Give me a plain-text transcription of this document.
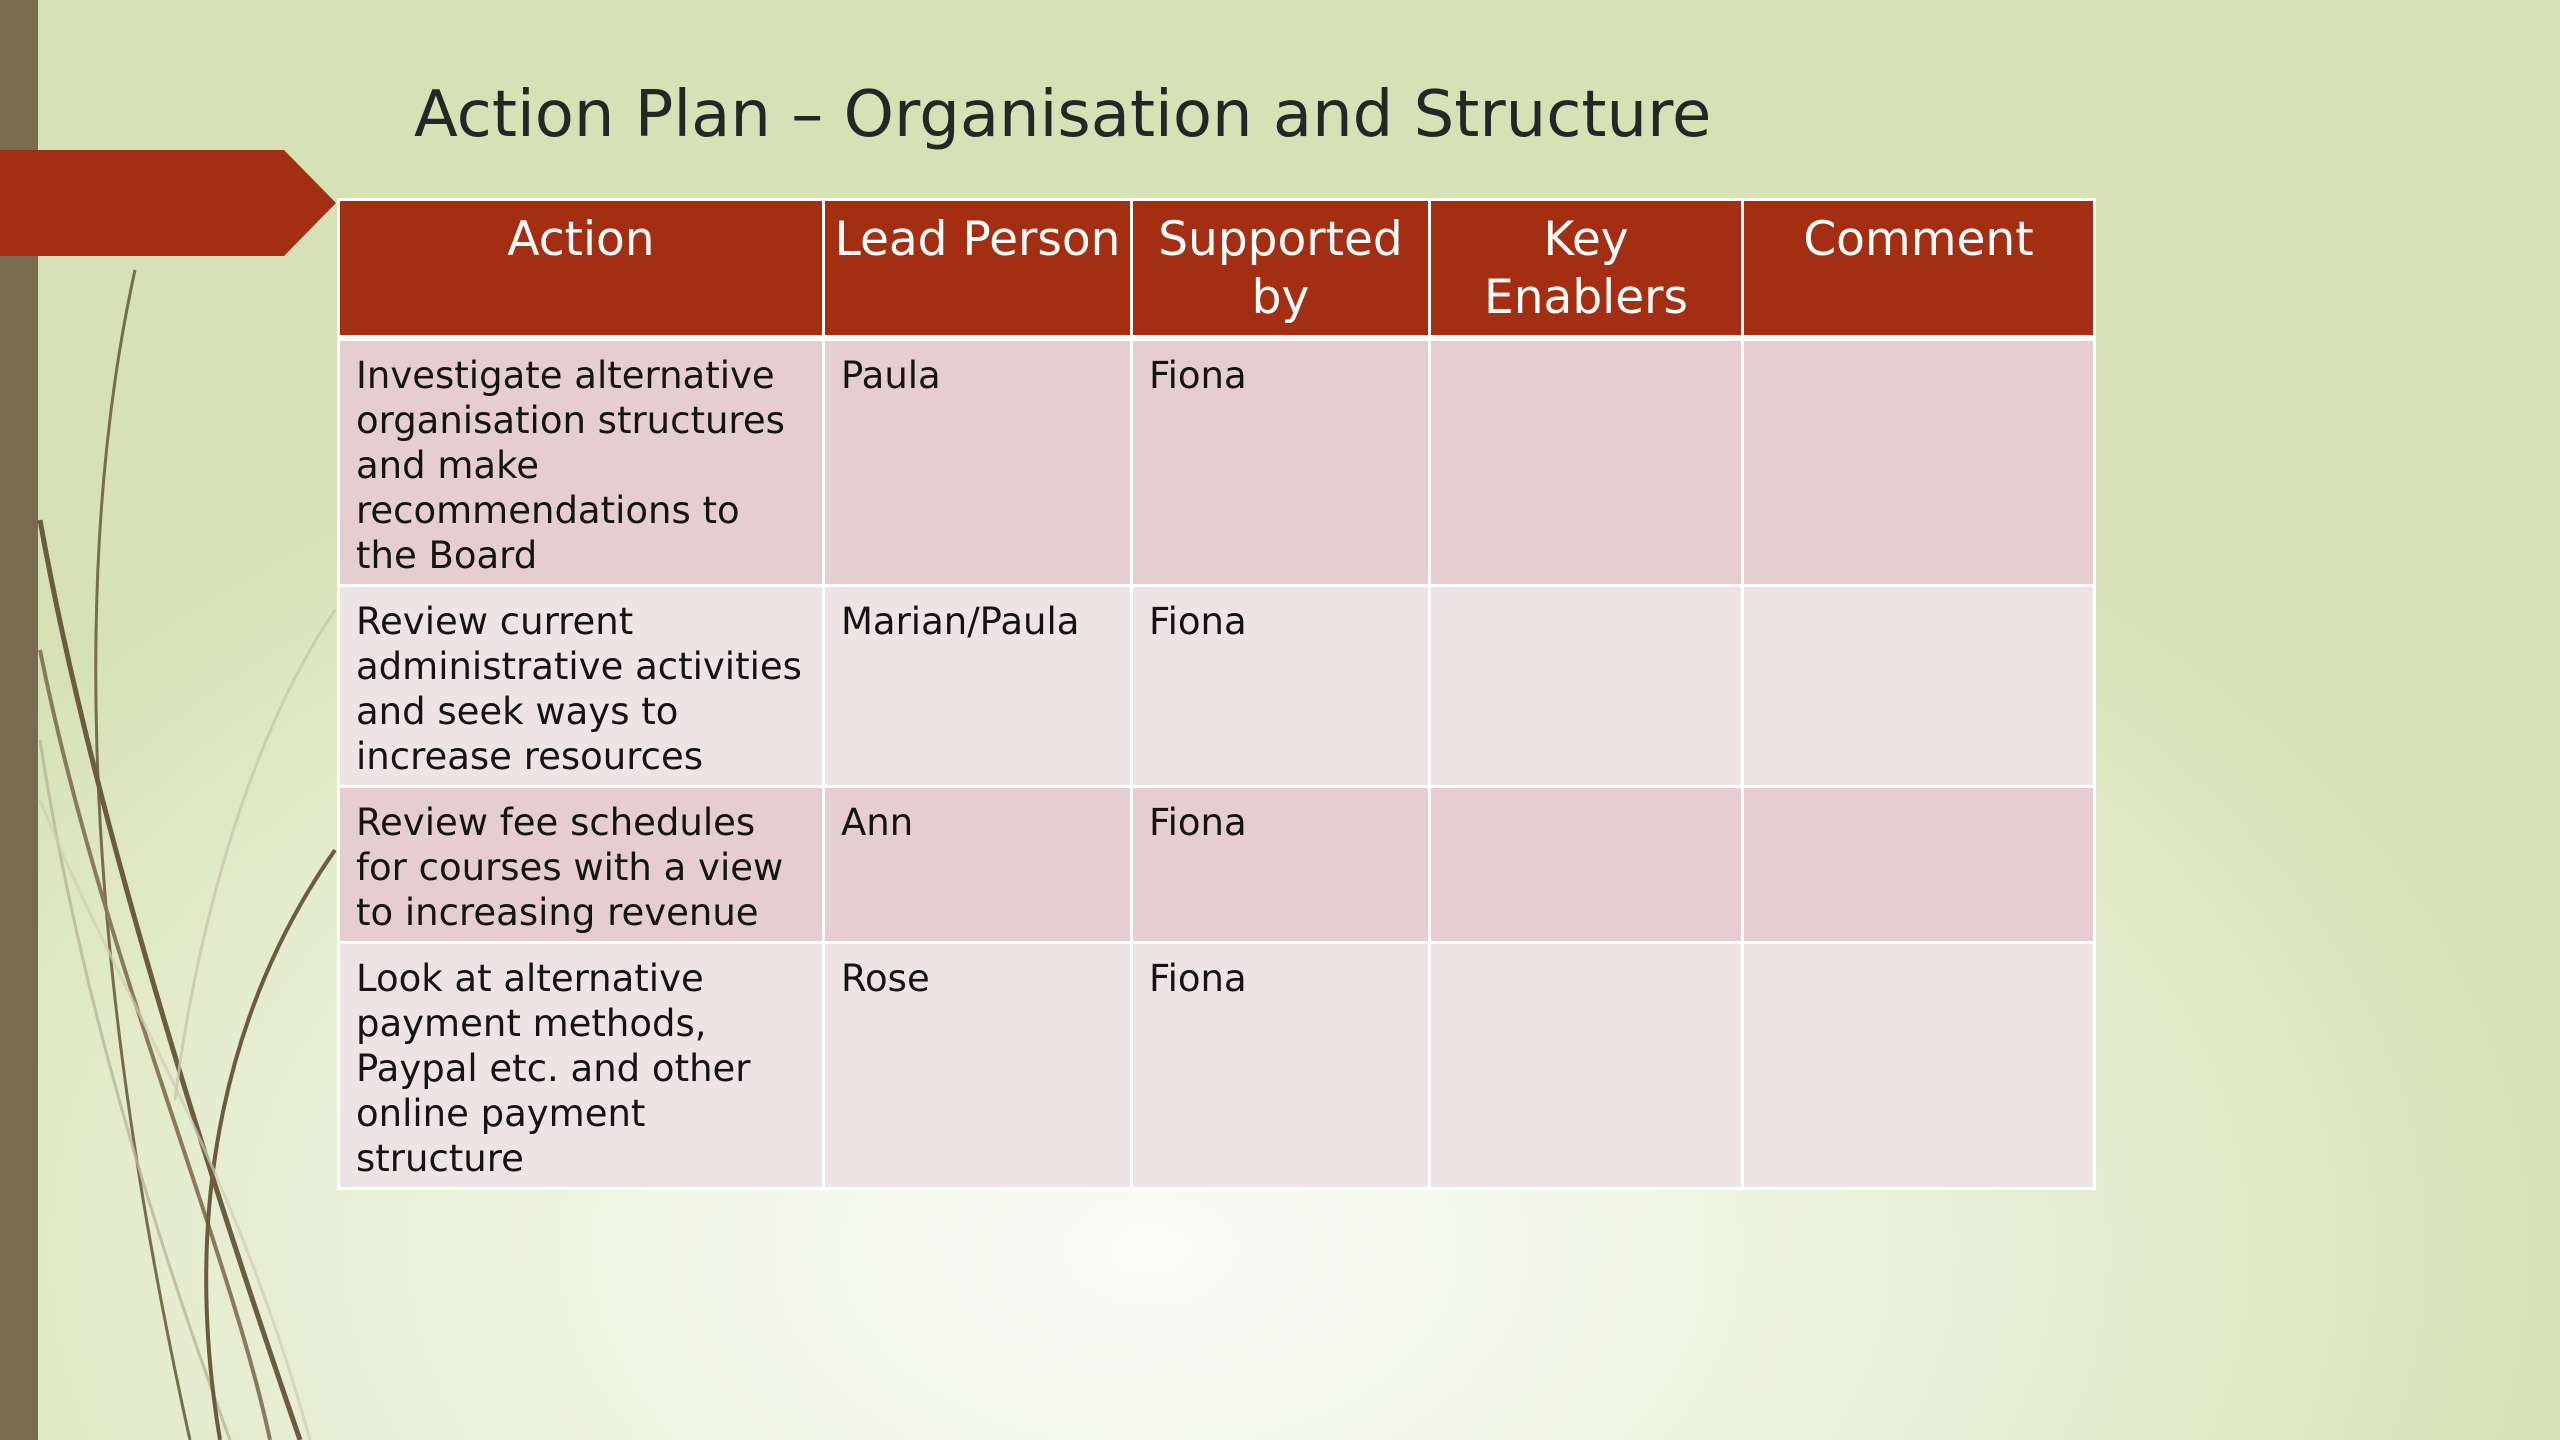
Action Plan – Organisation and Structure
Action	Lead Person	Supported by	Key Enablers	Comment
Investigate alternative organisation structures and make recommendations to the Board	Paula	Fiona		
Review current administrative activities and seek ways to increase resources	Marian/Paula	Fiona		
Review fee schedules for courses with a view to increasing revenue	Ann	Fiona		
Look at alternative payment methods, Paypal etc. and other online payment structure	Rose	Fiona		
